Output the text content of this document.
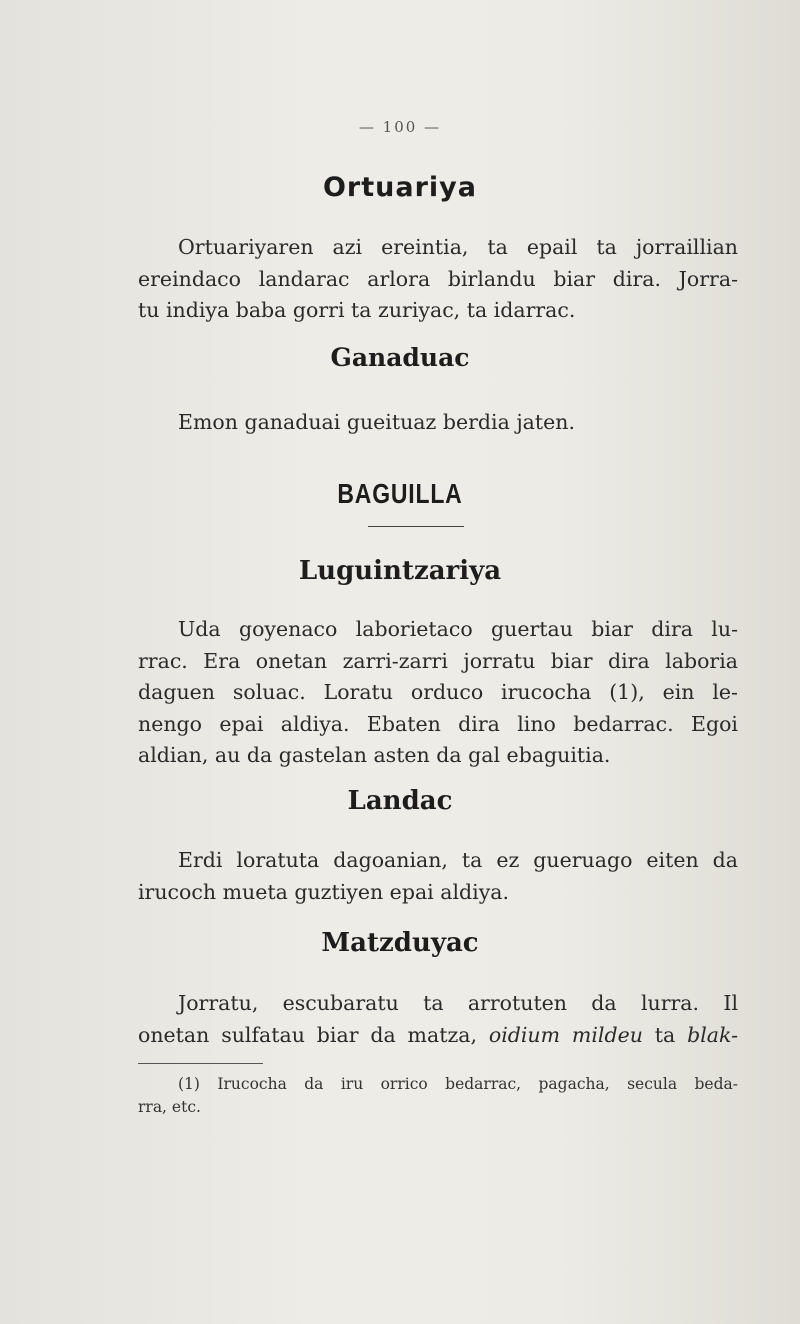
— 100 —
Ortuariya
Ortuariyaren azi ereintia, ta epail ta jorraillian
ereindaco landarac arlora birlandu biar dira. Jorra-
tu indiya baba gorri ta zuriyac, ta idarrac.
Ganaduac
Emon ganaduai gueituaz berdia jaten.
BAGUILLA
Luguintzariya
Uda goyenaco laborietaco guertau biar dira lu-
rrac. Era onetan zarri-zarri jorratu biar dira laboria
daguen soluac. Loratu orduco irucocha (1), ein le-
nengo epai aldiya. Ebaten dira lino bedarrac. Egoi
aldian, au da gastelan asten da gal ebaguitia.
Landac
Erdi loratuta dagoanian, ta ez gueruago eiten da
irucoch mueta guztiyen epai aldiya.
Matzduyac
Jorratu, escubaratu ta arrotuten da lurra. Il
onetan sulfatau biar da matza, oidium mildeu ta blak-
(1) Irucocha da iru orrico bedarrac, pagacha, secula beda-
rra, etc.
